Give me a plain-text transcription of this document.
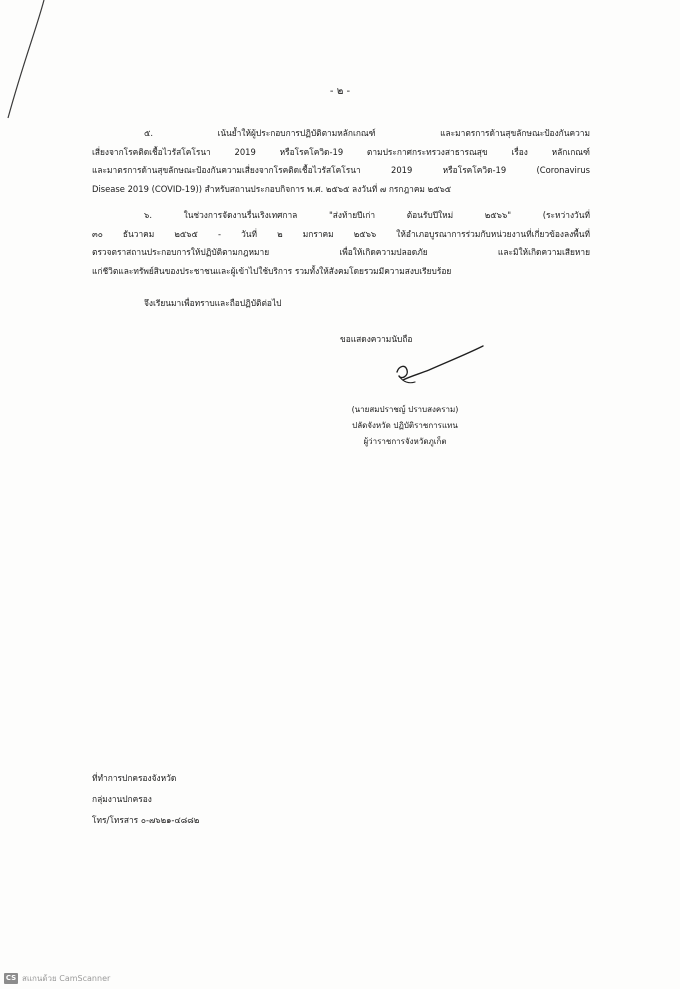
- ๒ -
๕. เน้นย้ำให้ผู้ประกอบการปฏิบัติตามหลักเกณฑ์ และมาตรการด้านสุขลักษณะป้องกันความ
เสี่ยงจากโรคติดเชื้อไวรัสโคโรนา 2019 หรือโรคโควิด-19 ตามประกาศกระทรวงสาธารณสุข เรื่อง หลักเกณฑ์
และมาตรการด้านสุขลักษณะป้องกันความเสี่ยงจากโรคติดเชื้อไวรัสโคโรนา 2019 หรือโรคโควิด-19 (Coronavirus
Disease 2019 (COVID-19)) สำหรับสถานประกอบกิจการ พ.ศ. ๒๕๖๕ ลงวันที่ ๗ กรกฎาคม ๒๕๖๕
๖. ในช่วงการจัดงานรื่นเริงเทศกาล "ส่งท้ายปีเก่า ต้อนรับปีใหม่ ๒๕๖๖" (ระหว่างวันที่
๓๐ ธันวาคม ๒๕๖๕ - วันที่ ๒ มกราคม ๒๕๖๖ ให้อำเภอบูรณาการร่วมกับหน่วยงานที่เกี่ยวข้องลงพื้นที่
ตรวจตราสถานประกอบการให้ปฏิบัติตามกฎหมาย เพื่อให้เกิดความปลอดภัย และมิให้เกิดความเสียหาย
แก่ชีวิตและทรัพย์สินของประชาชนและผู้เข้าไปใช้บริการ รวมทั้งให้สังคมโดยรวมมีความสงบเรียบร้อย
จึงเรียนมาเพื่อทราบและถือปฏิบัติต่อไป
ขอแสดงความนับถือ
(นายสมปราชญ์ ปราบสงคราม)
ปลัดจังหวัด ปฏิบัติราชการแทน
ผู้ว่าราชการจังหวัดภูเก็ต
ที่ทำการปกครองจังหวัด
กลุ่มงานปกครอง
โทร/โทรสาร ๐-๗๖๒๑-๔๘๘๒
CS สแกนด้วย CamScanner
